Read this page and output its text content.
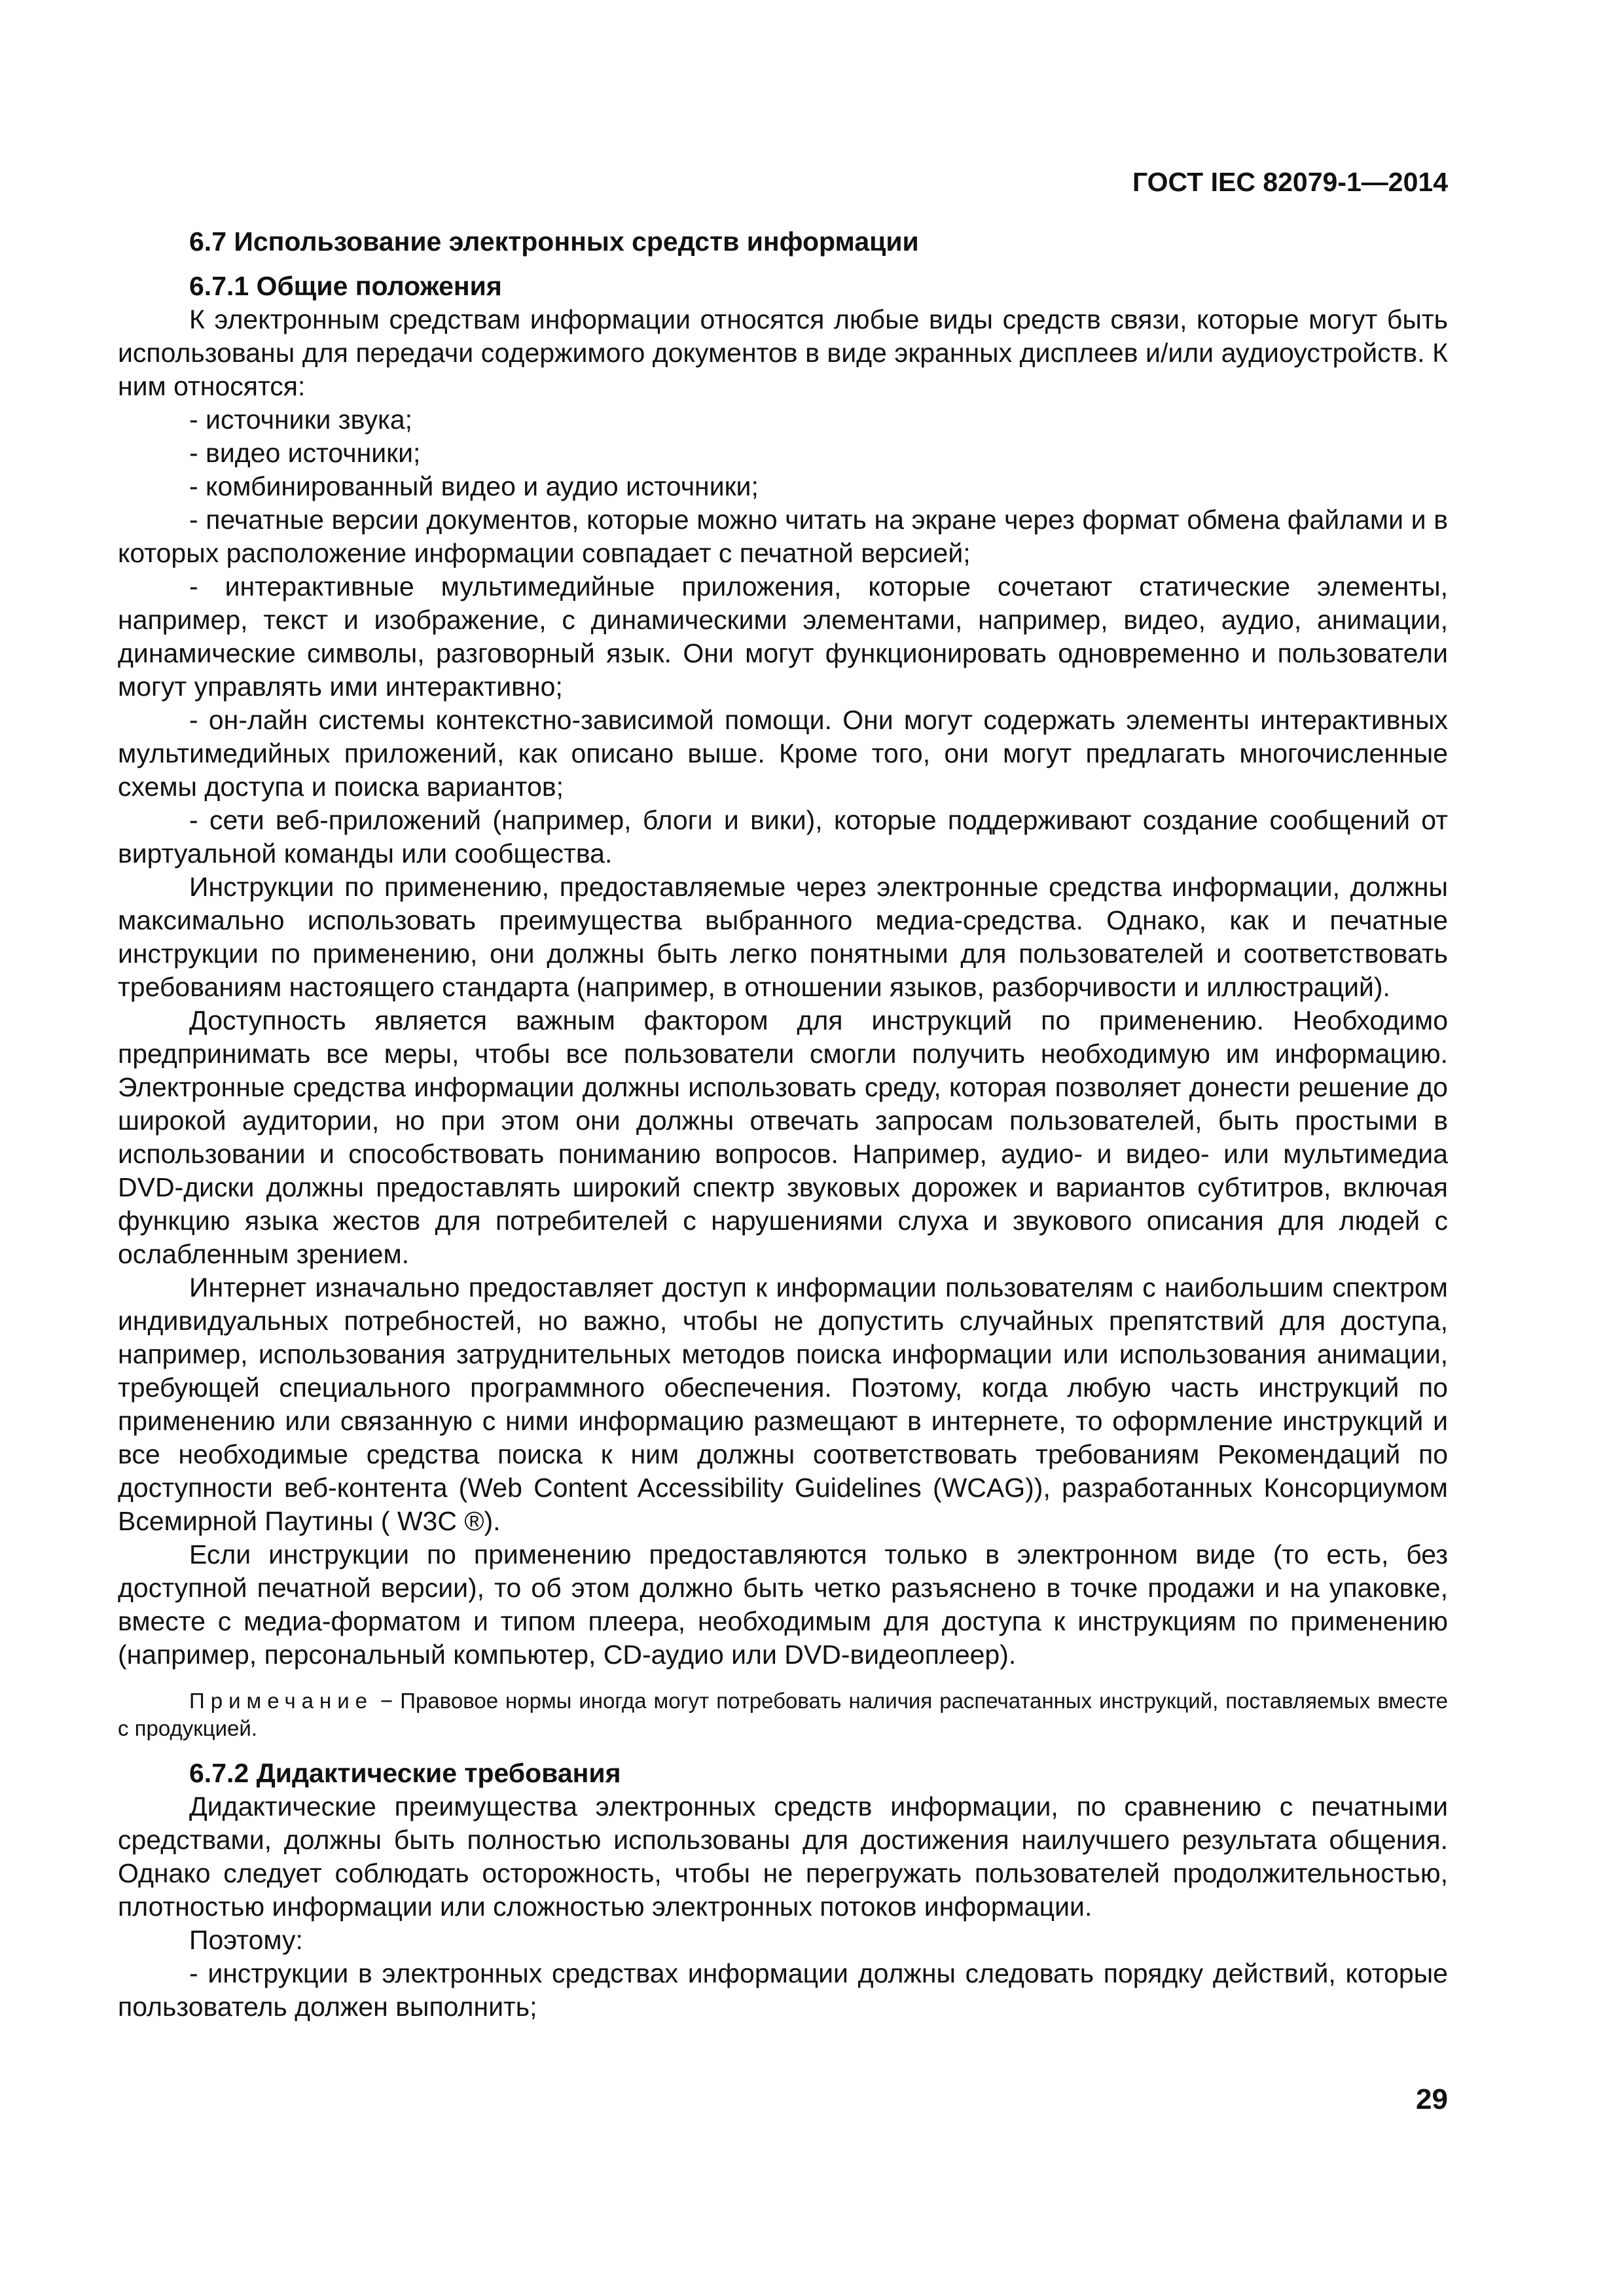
ГОСТ IEC 82079-1—2014

6.7 Использование электронных средств информации

6.7.1 Общие положения

К электронным средствам информации относятся любые виды средств связи, которые могут быть использованы для передачи содержимого документов в виде экранных дисплеев и/или аудиоустройств. К ним относятся:

- источники звука;

- видео источники;

- комбинированный видео и аудио источники;

- печатные версии документов, которые можно читать на экране через формат обмена файлами и в которых расположение информации совпадает с печатной версией;

- интерактивные мультимедийные приложения, которые сочетают статические элементы, например, текст и изображение, с динамическими элементами, например, видео, аудио, анимации, динамические символы, разговорный язык. Они могут функционировать одновременно и пользователи могут управлять ими интерактивно;

- он-лайн системы контекстно-зависимой помощи. Они могут содержать элементы интерактивных мультимедийных приложений, как описано выше. Кроме того, они могут предлагать многочисленные схемы доступа и поиска вариантов;

- сети веб-приложений (например, блоги и вики), которые поддерживают создание сообщений от виртуальной команды или сообщества.

Инструкции по применению, предоставляемые через электронные средства информации, должны максимально использовать преимущества выбранного медиа-средства. Однако, как и печатные инструкции по применению, они должны быть легко понятными для пользователей и соответствовать требованиям настоящего стандарта (например, в отношении языков, разборчивости и иллюстраций).

Доступность является важным фактором для инструкций по применению. Необходимо предпринимать все меры, чтобы все пользователи смогли получить необходимую им информацию. Электронные средства информации должны использовать среду, которая позволяет донести решение до широкой аудитории, но при этом они должны отвечать запросам пользователей, быть простыми в использовании и способствовать пониманию вопросов. Например, аудио- и видео- или мультимедиа DVD-диски должны предоставлять широкий спектр звуковых дорожек и вариантов субтитров, включая функцию языка жестов для потребителей с нарушениями слуха и звукового описания для людей с ослабленным зрением.

Интернет изначально предоставляет доступ к информации пользователям с наибольшим спектром индивидуальных потребностей, но важно, чтобы не допустить случайных препятствий для доступа, например, использования затруднительных методов поиска информации или использования анимации, требующей специального программного обеспечения. Поэтому, когда любую часть инструкций по применению или связанную с ними информацию размещают в интернете, то оформление инструкций и все необходимые средства поиска к ним должны соответствовать требованиям Рекомендаций по доступности веб-контента (Web Content Accessibility Guidelines (WCAG)), разработанных Консорциумом Всемирной Паутины ( W3C ®).

Если инструкции по применению предоставляются только в электронном виде (то есть, без доступной печатной версии), то об этом должно быть четко разъяснено в точке продажи и на упаковке, вместе с медиа-форматом и типом плеера, необходимым для доступа к инструкциям по применению (например, персональный компьютер, CD-аудио или DVD-видеоплеер).

Примечание − Правовое нормы иногда могут потребовать наличия распечатанных инструкций, поставляемых вместе с продукцией.

6.7.2 Дидактические требования

Дидактические преимущества электронных средств информации, по сравнению с печатными средствами, должны быть полностью использованы для достижения наилучшего результата общения. Однако следует соблюдать осторожность, чтобы не перегружать пользователей продолжительностью, плотностью информации или сложностью электронных потоков информации.

Поэтому:

- инструкции в электронных средствах информации должны следовать порядку действий, которые пользователь должен выполнить;

29
